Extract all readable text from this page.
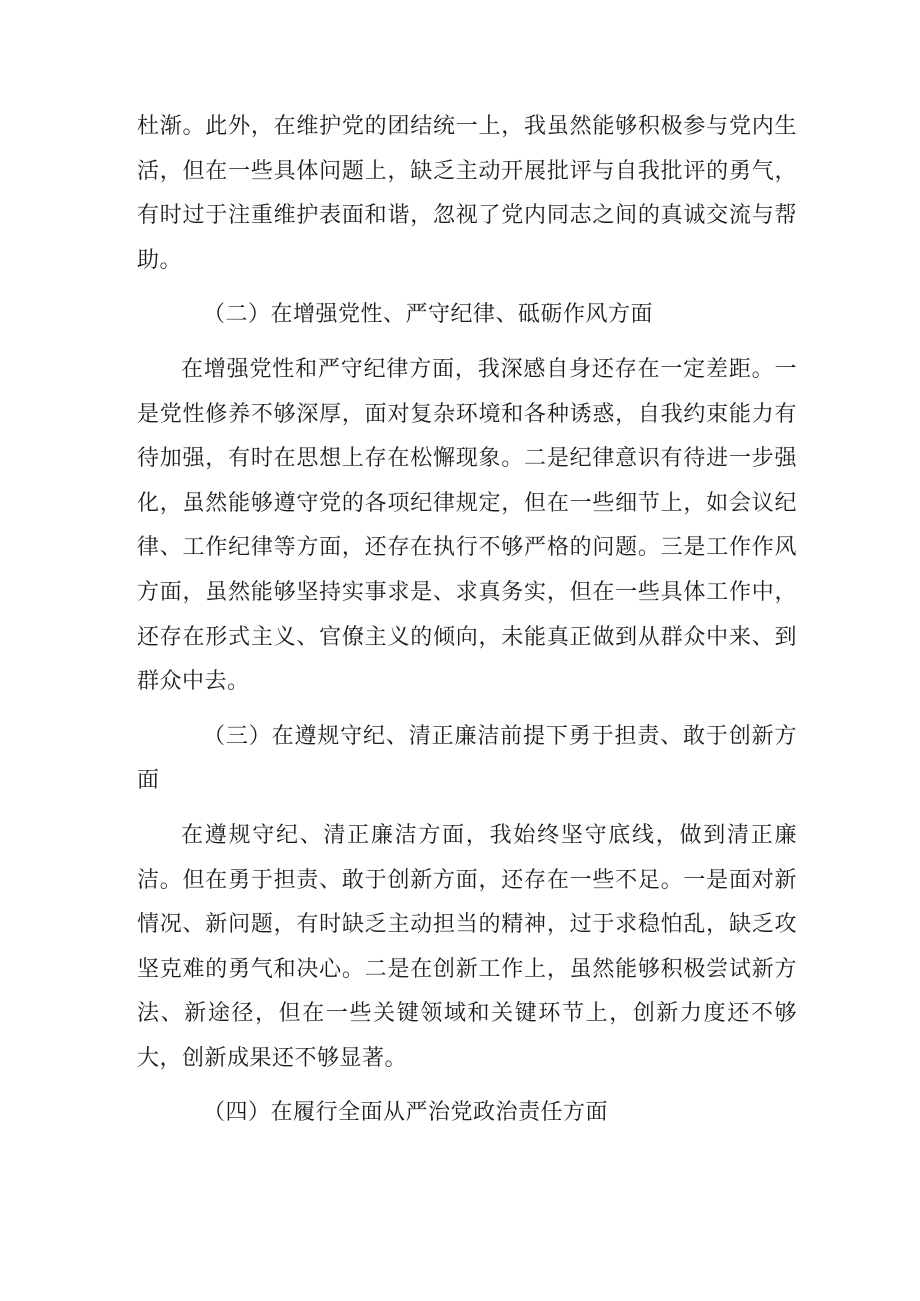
杜渐。此外，在维护党的团结统一上，我虽然能够积极参与党内生活，但在一些具体问题上，缺乏主动开展批评与自我批评的勇气，有时过于注重维护表面和谐，忽视了党内同志之间的真诚交流与帮助。

（二）在增强党性、严守纪律、砥砺作风方面

在增强党性和严守纪律方面，我深感自身还存在一定差距。一是党性修养不够深厚，面对复杂环境和各种诱惑，自我约束能力有待加强，有时在思想上存在松懈现象。二是纪律意识有待进一步强化，虽然能够遵守党的各项纪律规定，但在一些细节上，如会议纪律、工作纪律等方面，还存在执行不够严格的问题。三是工作作风方面，虽然能够坚持实事求是、求真务实，但在一些具体工作中，还存在形式主义、官僚主义的倾向，未能真正做到从群众中来、到群众中去。

（三）在遵规守纪、清正廉洁前提下勇于担责、敢于创新方面

在遵规守纪、清正廉洁方面，我始终坚守底线，做到清正廉洁。但在勇于担责、敢于创新方面，还存在一些不足。一是面对新情况、新问题，有时缺乏主动担当的精神，过于求稳怕乱，缺乏攻坚克难的勇气和决心。二是在创新工作上，虽然能够积极尝试新方法、新途径，但在一些关键领域和关键环节上，创新力度还不够大，创新成果还不够显著。

（四）在履行全面从严治党政治责任方面
